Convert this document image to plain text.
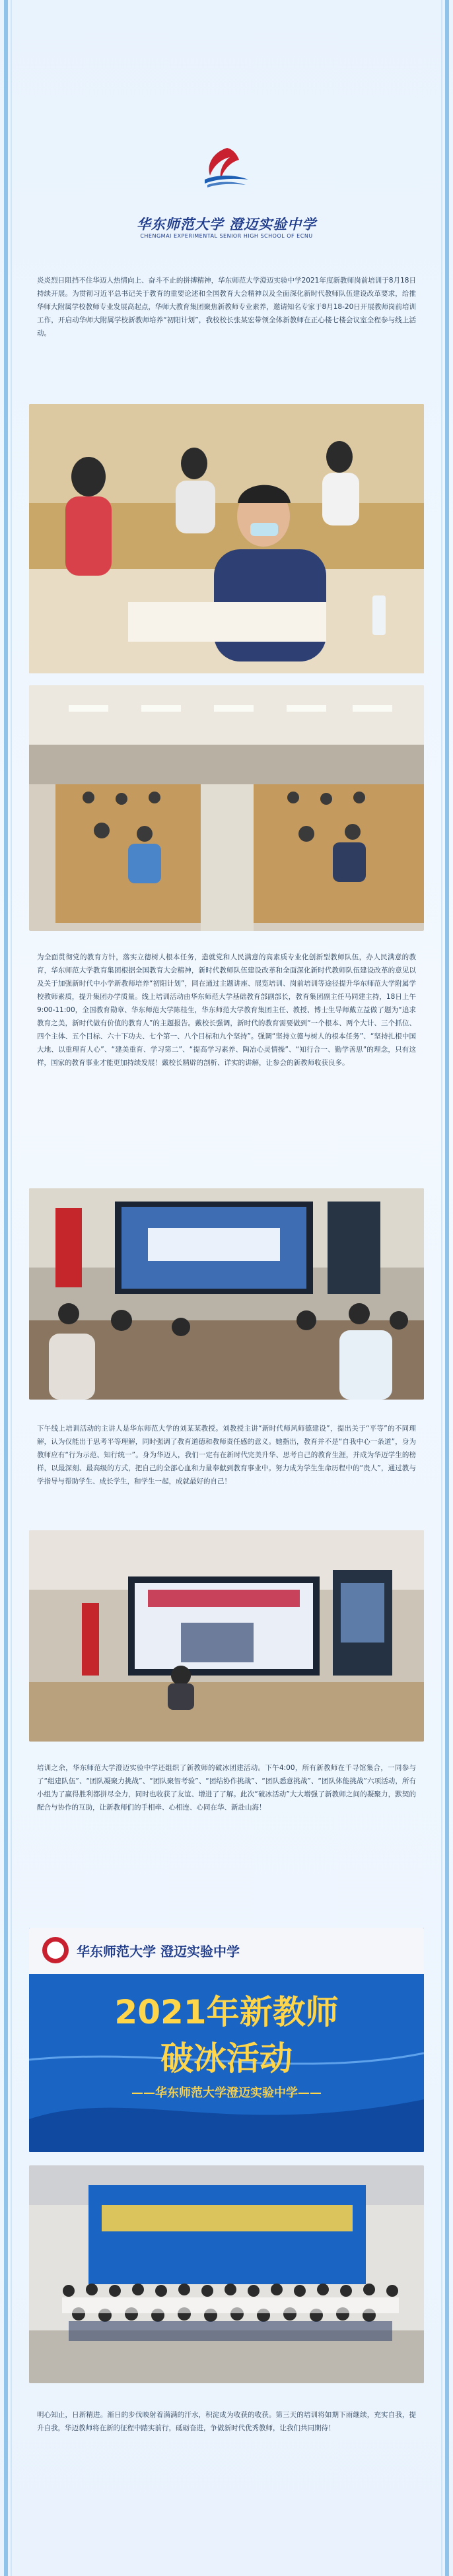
华东师范大学 澄迈实验中学
CHENGMAI EXPERIMENTAL SENIOR HIGH SCHOOL OF ECNU

炎炎烈日阻挡不住华迈人热情向上、奋斗不止的拼搏精神，华东师范大学澄迈实验中学2021年度新教师岗前培训于8月18日持续开展。为贯彻习近平总书记关于教育的重要论述和全国教育大会精神以及全面深化新时代教师队伍建设改革要求，给推华师大附属学校教师专业发展高起点，华师大教育集团聚焦新教师专业素养，邀请知名专家于8月18-20日开展教师岗前培训工作，开启动华师大附属学校新教师培养“初阳计划”，我校校长张某宏带领全体新教师在正心楼七楼会议室全程参与线上活动。

为全面贯彻党的教育方针，落实立德树人根本任务，造就党和人民满意的高素质专业化创新型教师队伍，办人民满意的教育，华东师范大学教育集团根据全国教育大会精神，新时代教师队伍建设改革和全面深化新时代教师队伍建设改革的意见以及关于加强新时代中小学新教师培养“初阳计划”，同在通过主题讲座、展览培训、岗前培训等途径提升华东师范大学附属学校教师素质，提升集团办学质量。线上培训活动由华东师范大学基础教育部副部长，教育集团副主任马同建主持，18日上午9:00-11:00，全国教育勋章、华东师范大学陈桂生，华东师范大学教育集团主任、教授、博士生导师戴立益做了题为“追求教育之美，新时代做有价值的教育人”的主题报告。戴校长强调，新时代的教育需要做到“一个根本、两个大计、三个抓位、四个主体、五个目标、六十下功夫、七个第一、八个目标和九个坚持”。强调“坚持立德与树人的根本任务”、“坚持扎根中国大地、以重理育人心”、“建美重育、学习第二”、“提高学习素养、陶冶心灵情操”、“知行合一、勤学善思”的理念，只有这样，国家的教育事业才能更加持续发展！戴校长精辟的剖析、详实的讲解，让参会的新教师收获良多。

下午线上培训活动的主讲人是华东师范大学的刘某某教授。刘教授主讲“新时代师风师德建设”，提出关于“平等”的不同理解，认为仅能出于思考平等理解，同时强调了教育道德和教师责任感的意义。她指出，教育并不是“自我中心一条道”，身为教师应有“行为示范、知行统一”。身为华迈人，我们一定有在新时代完美升华、思考自己的教育生涯，并成为华迈学生的榜样，以最深刻、最高级的方式，把自己的全部心血和力量奉献到教育事业中。努力成为学生生命历程中的“贵人”，通过教与学指导与帮助学生、成长学生，和学生一起，成就最好的自己！

培训之余，华东师范大学澄迈实验中学还组织了新教师的破冰团建活动。下午4:00，所有新教师在千寻馆集合，一同参与了“组建队伍”、“团队凝聚力挑战”、“团队聚智考验”、“团结协作挑战”、“团队悉意挑战”、“团队体能挑战”六项活动，所有小组为了赢得胜利都拼尽全力，同时也收获了友谊、增进了了解。此次“破冰活动”大大增强了新教师之间的凝聚力，默契的配合与协作的互助，让新教师们的手相牵、心相连、心同在华、新赴山海！

华东师范大学 澄迈实验中学
2021年新教师
破冰活动
——华东师范大学澄迈实验中学——

明心知止，日新精进。渐日的步伐映射着满满的汗水，积淀成为收获的收获。第三天的培训将如期下雨继续，充实自我，提升自我，华迈教师将在新的征程中踏实前行，砥砺奋进，争做新时代优秀教师，让我们共同期待！
